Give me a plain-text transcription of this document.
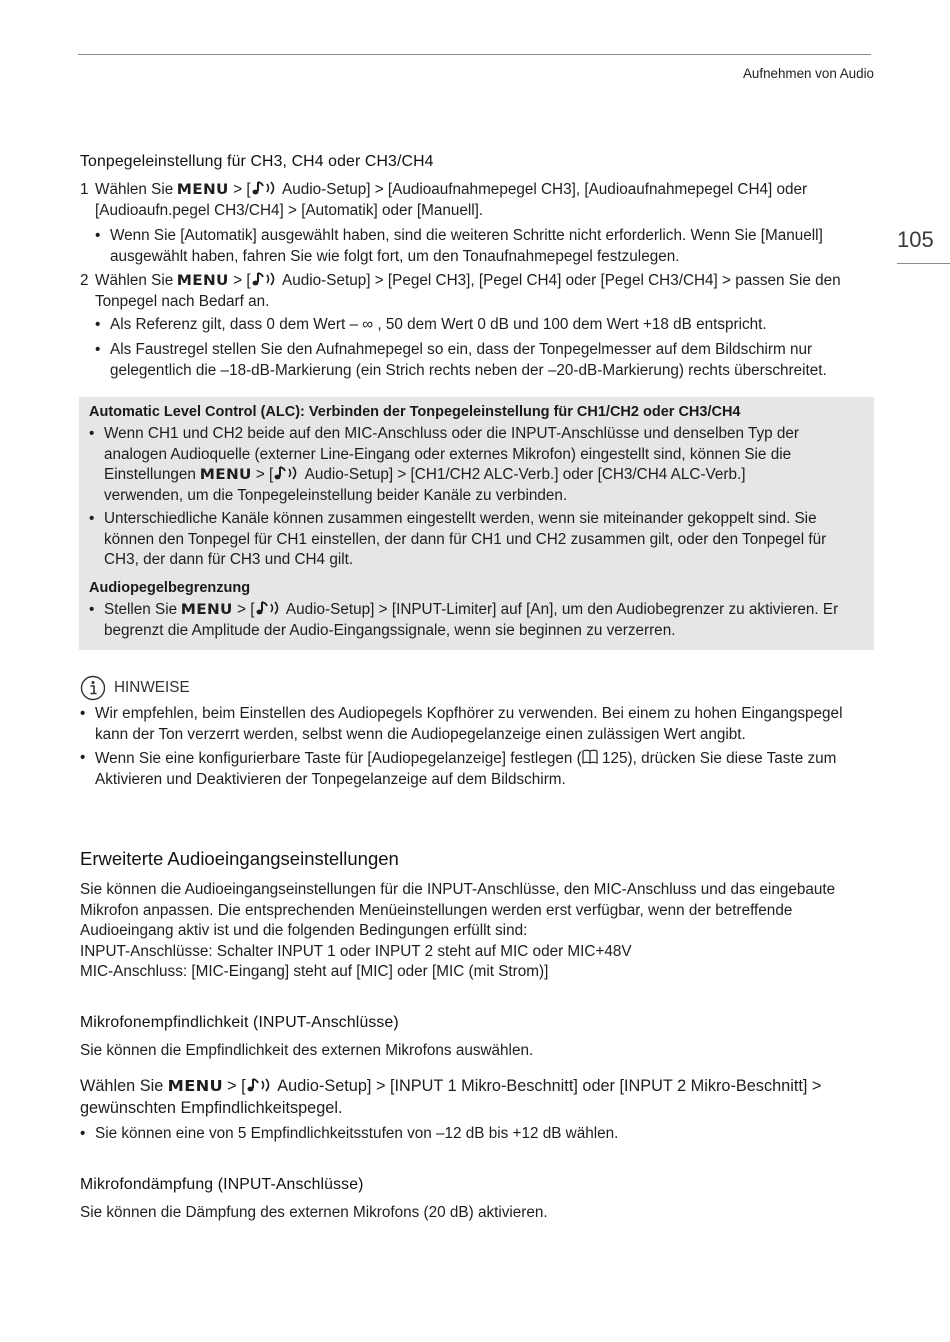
Aufnehmen von Audio
105
Tonpegeleinstellung für CH3, CH4 oder CH3/CH4
1 Wählen Sie MENU > [ Audio-Setup] > [Audioaufnahmepegel CH3], [Audioaufnahmepegel CH4] oder
[Audioaufn.pegel CH3/CH4] > [Automatik] oder [Manuell].
• Wenn Sie [Automatik] ausgewählt haben, sind die weiteren Schritte nicht erforderlich. Wenn Sie [Manuell]
ausgewählt haben, fahren Sie wie folgt fort, um den Tonaufnahmepegel festzulegen.
2 Wählen Sie MENU > [ Audio-Setup] > [Pegel CH3], [Pegel CH4] oder [Pegel CH3/CH4] > passen Sie den
Tonpegel nach Bedarf an.
• Als Referenz gilt, dass 0 dem Wert – ∞ , 50 dem Wert 0 dB und 100 dem Wert +18 dB entspricht.
• Als Faustregel stellen Sie den Aufnahmepegel so ein, dass der Tonpegelmesser auf dem Bildschirm nur
gelegentlich die –18-dB-Markierung (ein Strich rechts neben der –20-dB-Markierung) rechts überschreitet.
Automatic Level Control (ALC): Verbinden der Tonpegeleinstellung für CH1/CH2 oder CH3/CH4
• Wenn CH1 und CH2 beide auf den MIC-Anschluss oder die INPUT-Anschlüsse und denselben Typ der
analogen Audioquelle (externer Line-Eingang oder externes Mikrofon) eingestellt sind, können Sie die
Einstellungen MENU > [ Audio-Setup] > [CH1/CH2 ALC-Verb.] oder [CH3/CH4 ALC-Verb.]
verwenden, um die Tonpegeleinstellung beider Kanäle zu verbinden.
• Unterschiedliche Kanäle können zusammen eingestellt werden, wenn sie miteinander gekoppelt sind. Sie
können den Tonpegel für CH1 einstellen, der dann für CH1 und CH2 zusammen gilt, oder den Tonpegel für
CH3, der dann für CH3 und CH4 gilt.
Audiopegelbegrenzung
• Stellen Sie MENU > [ Audio-Setup] > [INPUT-Limiter] auf [An], um den Audiobegrenzer zu aktivieren. Er
begrenzt die Amplitude der Audio-Eingangssignale, wenn sie beginnen zu verzerren.
HINWEISE
• Wir empfehlen, beim Einstellen des Audiopegels Kopfhörer zu verwenden. Bei einem zu hohen Eingangspegel
kann der Ton verzerrt werden, selbst wenn die Audiopegelanzeige einen zulässigen Wert angibt.
• Wenn Sie eine konfigurierbare Taste für [Audiopegelanzeige] festlegen ( 125), drücken Sie diese Taste zum
Aktivieren und Deaktivieren der Tonpegelanzeige auf dem Bildschirm.
Erweiterte Audioeingangseinstellungen
Sie können die Audioeingangseinstellungen für die INPUT-Anschlüsse, den MIC-Anschluss und das eingebaute
Mikrofon anpassen. Die entsprechenden Menüeinstellungen werden erst verfügbar, wenn der betreffende
Audioeingang aktiv ist und die folgenden Bedingungen erfüllt sind:
INPUT-Anschlüsse: Schalter INPUT 1 oder INPUT 2 steht auf MIC oder MIC+48V
MIC-Anschluss: [MIC-Eingang] steht auf [MIC] oder [MIC (mit Strom)]
Mikrofonempfindlichkeit (INPUT-Anschlüsse)
Sie können die Empfindlichkeit des externen Mikrofons auswählen.
Wählen Sie MENU > [ Audio-Setup] > [INPUT 1 Mikro-Beschnitt] oder [INPUT 2 Mikro-Beschnitt] >
gewünschten Empfindlichkeitspegel.
• Sie können eine von 5 Empfindlichkeitsstufen von –12 dB bis +12 dB wählen.
Mikrofondämpfung (INPUT-Anschlüsse)
Sie können die Dämpfung des externen Mikrofons (20 dB) aktivieren.
